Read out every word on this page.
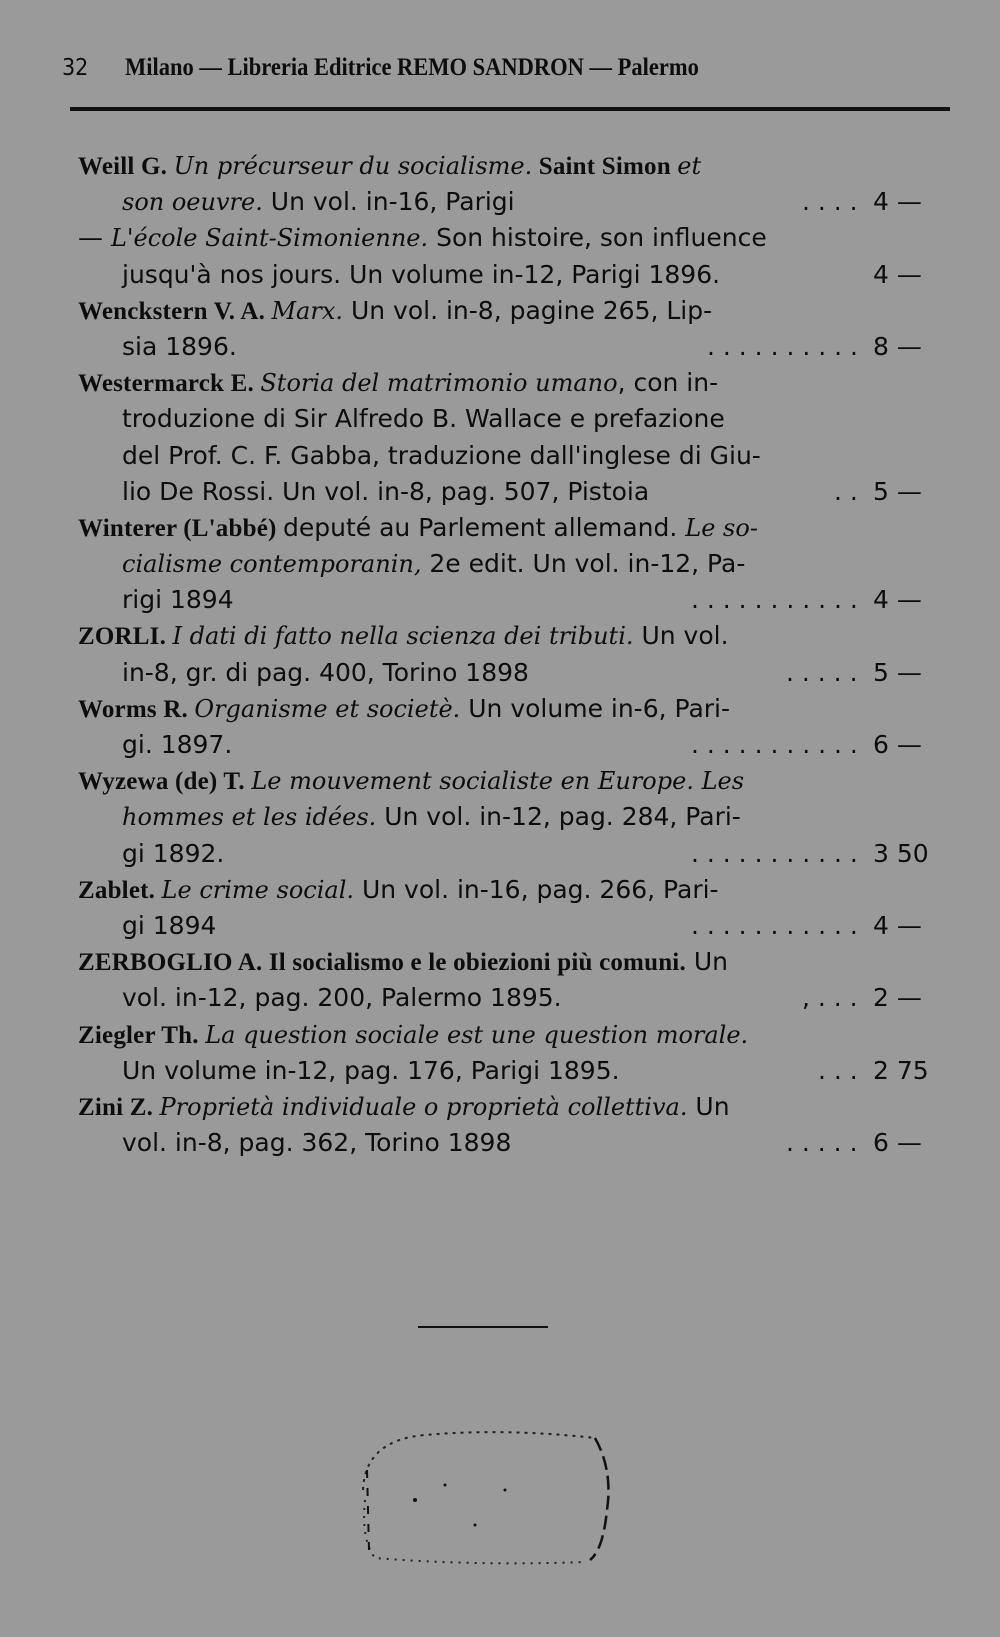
32	Milano — Libreria Editrice REMO SANDRON — Palermo
Weill G. Un précurseur du socialisme. Saint Simon et
son oeuvre. Un vol. in-16, Parigi	. . . . 4 —
— L'école Saint-Simonienne. Son histoire, son influence
jusqu'à nos jours. Un volume in-12, Parigi 1896.	4 —
Wenckstern V. A. Marx. Un vol. in-8, pagine 265, Lip-
sia 1896.	. . . . . . . . . . 8 —
Westermarck E. Storia del matrimonio umano, con in-
troduzione di Sir Alfredo B. Wallace e prefazione
del Prof. C. F. Gabba, traduzione dall'inglese di Giu-
lio De Rossi. Un vol. in-8, pag. 507, Pistoia	. . 5 —
Winterer (L'abbé) deputé au Parlement allemand. Le so-
cialisme contemporanin, 2e edit. Un vol. in-12, Pa-
rigi 1894	. . . . . . . . . . . 4 —
ZORLI. I dati di fatto nella scienza dei tributi. Un vol.
in-8, gr. di pag. 400, Torino 1898	. . . . . 5 —
Worms R. Organisme et societè. Un volume in-6, Pari-
gi. 1897.	. . . . . . . . . . . 6 —
Wyzewa (de) T. Le mouvement socialiste en Europe. Les
hommes et les idées. Un vol. in-12, pag. 284, Pari-
gi 1892.	. . . . . . . . . . . 3 50
Zablet. Le crime social. Un vol. in-16, pag. 266, Pari-
gi 1894	. . . . . . . . . . . 4 —
ZERBOGLIO A. Il socialismo e le obiezioni più comuni. Un
vol. in-12, pag. 200, Palermo 1895.	, . . . 2 —
Ziegler Th. La question sociale est une question morale.
Un volume in-12, pag. 176, Parigi 1895.	. . . 2 75
Zini Z. Proprietà individuale o proprietà collettiva. Un
vol. in-8, pag. 362, Torino 1898	. . . . . 6 —
